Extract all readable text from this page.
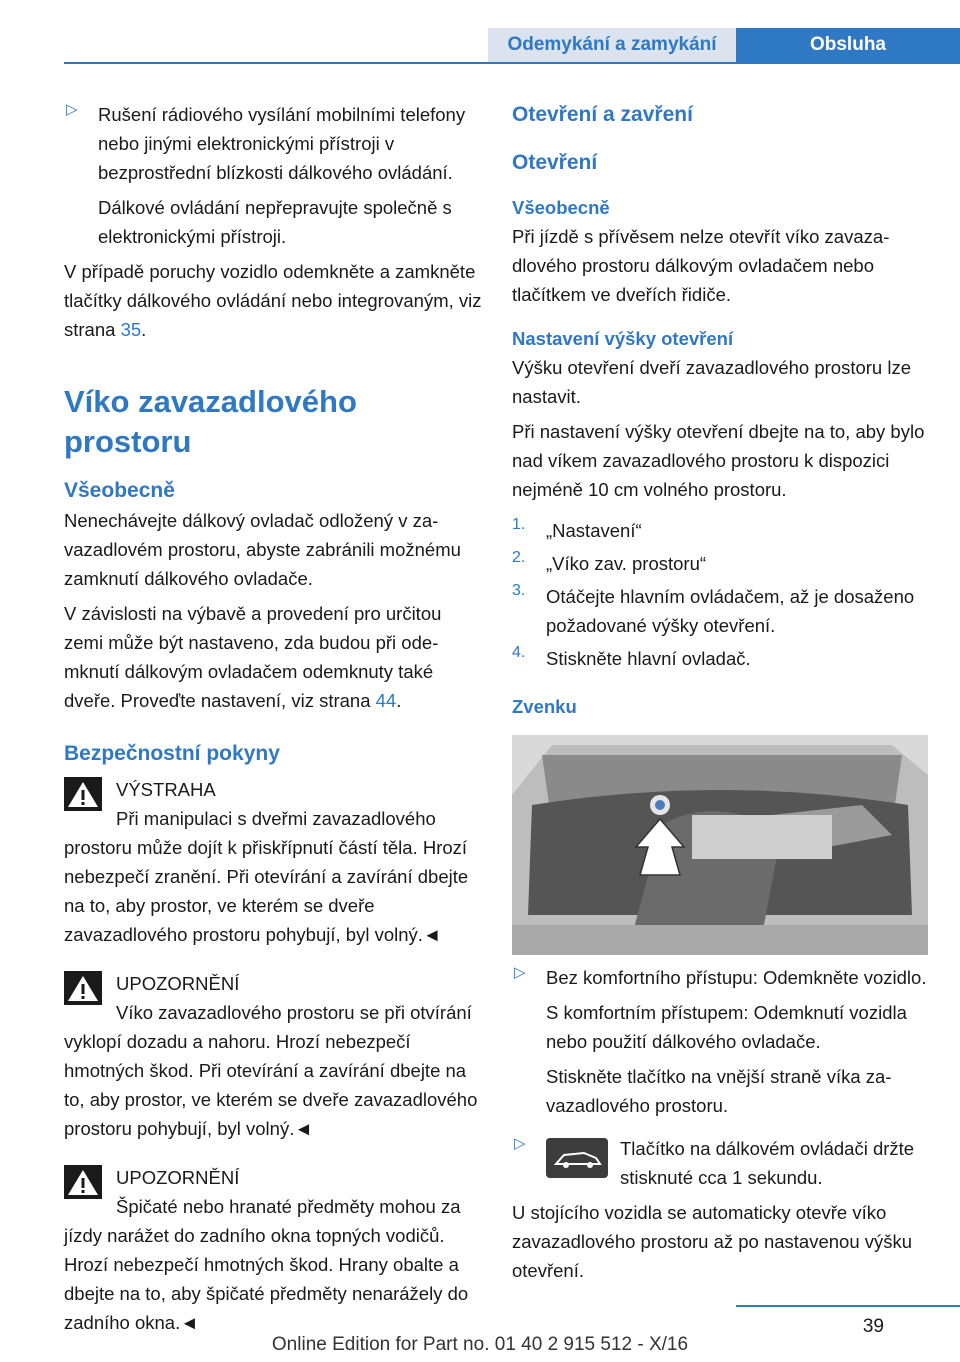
Odemykání a zamykání	Obsluha
▷ Rušení rádiového vysílání mobilními telefony nebo jinými elektronickými přístroji v bezprostřední blízkosti dálkového ovládání.

Dálkové ovládání nepřepravujte společně s elektronickými přístroji.

V případě poruchy vozidlo odemkněte a zamkněte tlačítky dálkového ovládání nebo integrovaným, viz strana 35.

Víko zavazadlového prostoru
Všeobecně

Nenechávejte dálkový ovladač odložený v zavazadlovém prostoru, abyste zabránili možnému zamknutí dálkového ovladače.

V závislosti na výbavě a provedení pro určitou zemi může být nastaveno, zda budou při odemknutí dálkovým ovladačem odemknuty také dveře. Proveďte nastavení, viz strana 44.

Bezpečnostní pokyny

VÝSTRAHA

Při manipulaci s dveřmi zavazadlového prostoru může dojít k přiskřípnutí částí těla. Hrozí nebezpečí zranění. Při otevírání a zavírání dbejte na to, aby prostor, ve kterém se dveře zavazadlového prostoru pohybují, byl volný.◄

UPOZORNĚNÍ

Víko zavazadlového prostoru se při otvírání vyklopí dozadu a nahoru. Hrozí nebezpečí hmotných škod. Při otevírání a zavírání dbejte na to, aby prostor, ve kterém se dveře zavazadlového prostoru pohybují, byl volný.◄

UPOZORNĚNÍ

Špičaté nebo hranaté předměty mohou za jízdy narážet do zadního okna topných vodičů. Hrozí nebezpečí hmotných škod. Hrany obalte a dbejte na to, aby špičaté předměty nenarážely do zadního okna.◄

Otevření a zavření
Otevření
Všeobecně

Při jízdě s přívěsem nelze otevřít víko zavazadlového prostoru dálkovým ovladačem nebo tlačítkem ve dveřích řidiče.

Nastavení výšky otevření

Výšku otevření dveří zavazadlového prostoru lze nastavit.

Při nastavení výšky otevření dbejte na to, aby bylo nad víkem zavazadlového prostoru k dispozici nejméně 10 cm volného prostoru.

1. „Nastavení“

2. „Víko zav. prostoru“

3. Otáčejte hlavním ovládačem, až je dosaženo požadované výšky otevření.

4. Stiskněte hlavní ovladač.

Zvenku
▷ Bez komfortního přístupu: Odemkněte vozidlo.

S komfortním přístupem: Odemknutí vozidla nebo použití dálkového ovladače.

Stiskněte tlačítko na vnější straně víka zavazadlového prostoru.

▷	Tlačítko na dálkovém ovládači držte stisknuté cca 1 sekundu.

U stojícího vozidla se automaticky otevře víko zavazadlového prostoru až po nastavenou výšku otevření.

39
Online Edition for Part no. 01 40 2 915 512 - X/16
